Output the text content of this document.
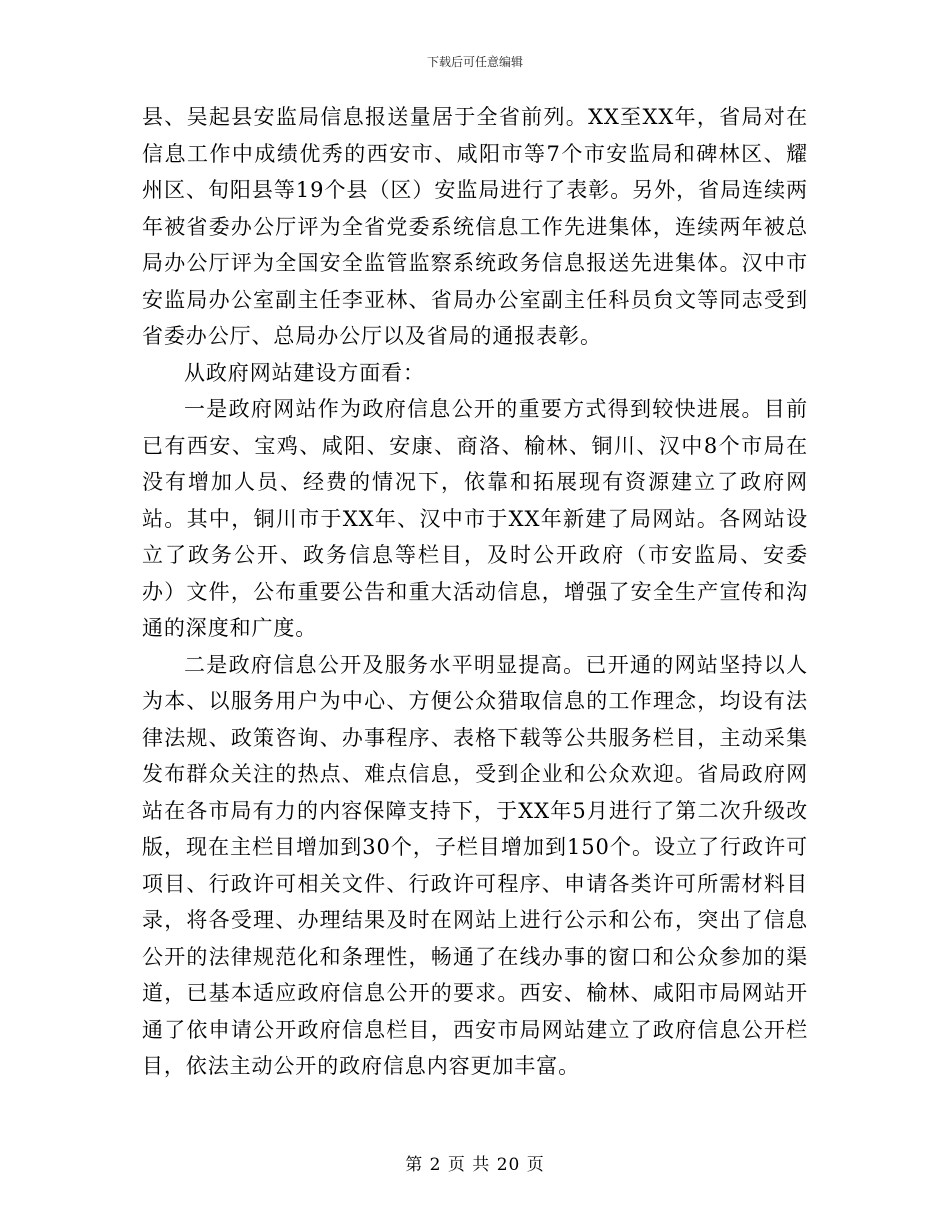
下载后可任意编辑

县、吴起县安监局信息报送量居于全省前列。XX至XX年，省局对在信息工作中成绩优秀的西安市、咸阳市等7个市安监局和碑林区、耀州区、旬阳县等19个县（区）安监局进行了表彰。另外，省局连续两年被省委办公厅评为全省党委系统信息工作先进集体，连续两年被总局办公厅评为全国安全监管监察系统政务信息报送先进集体。汉中市安监局办公室副主任李亚林、省局办公室副主任科员贠文等同志受到省委办公厅、总局办公厅以及省局的通报表彰。

从政府网站建设方面看：

一是政府网站作为政府信息公开的重要方式得到较快进展。目前已有西安、宝鸡、咸阳、安康、商洛、榆林、铜川、汉中8个市局在没有增加人员、经费的情况下，依靠和拓展现有资源建立了政府网站。其中，铜川市于XX年、汉中市于XX年新建了局网站。各网站设立了政务公开、政务信息等栏目，及时公开政府（市安监局、安委办）文件，公布重要公告和重大活动信息，增强了安全生产宣传和沟通的深度和广度。

二是政府信息公开及服务水平明显提高。已开通的网站坚持以人为本、以服务用户为中心、方便公众猎取信息的工作理念，均设有法律法规、政策咨询、办事程序、表格下载等公共服务栏目，主动采集发布群众关注的热点、难点信息，受到企业和公众欢迎。省局政府网站在各市局有力的内容保障支持下，于XX年5月进行了第二次升级改版，现在主栏目增加到30个，子栏目增加到150个。设立了行政许可项目、行政许可相关文件、行政许可程序、申请各类许可所需材料目录，将各受理、办理结果及时在网站上进行公示和公布，突出了信息公开的法律规范化和条理性，畅通了在线办事的窗口和公众参加的渠道，已基本适应政府信息公开的要求。西安、榆林、咸阳市局网站开通了依申请公开政府信息栏目，西安市局网站建立了政府信息公开栏目，依法主动公开的政府信息内容更加丰富。

第 2 页 共 20 页
